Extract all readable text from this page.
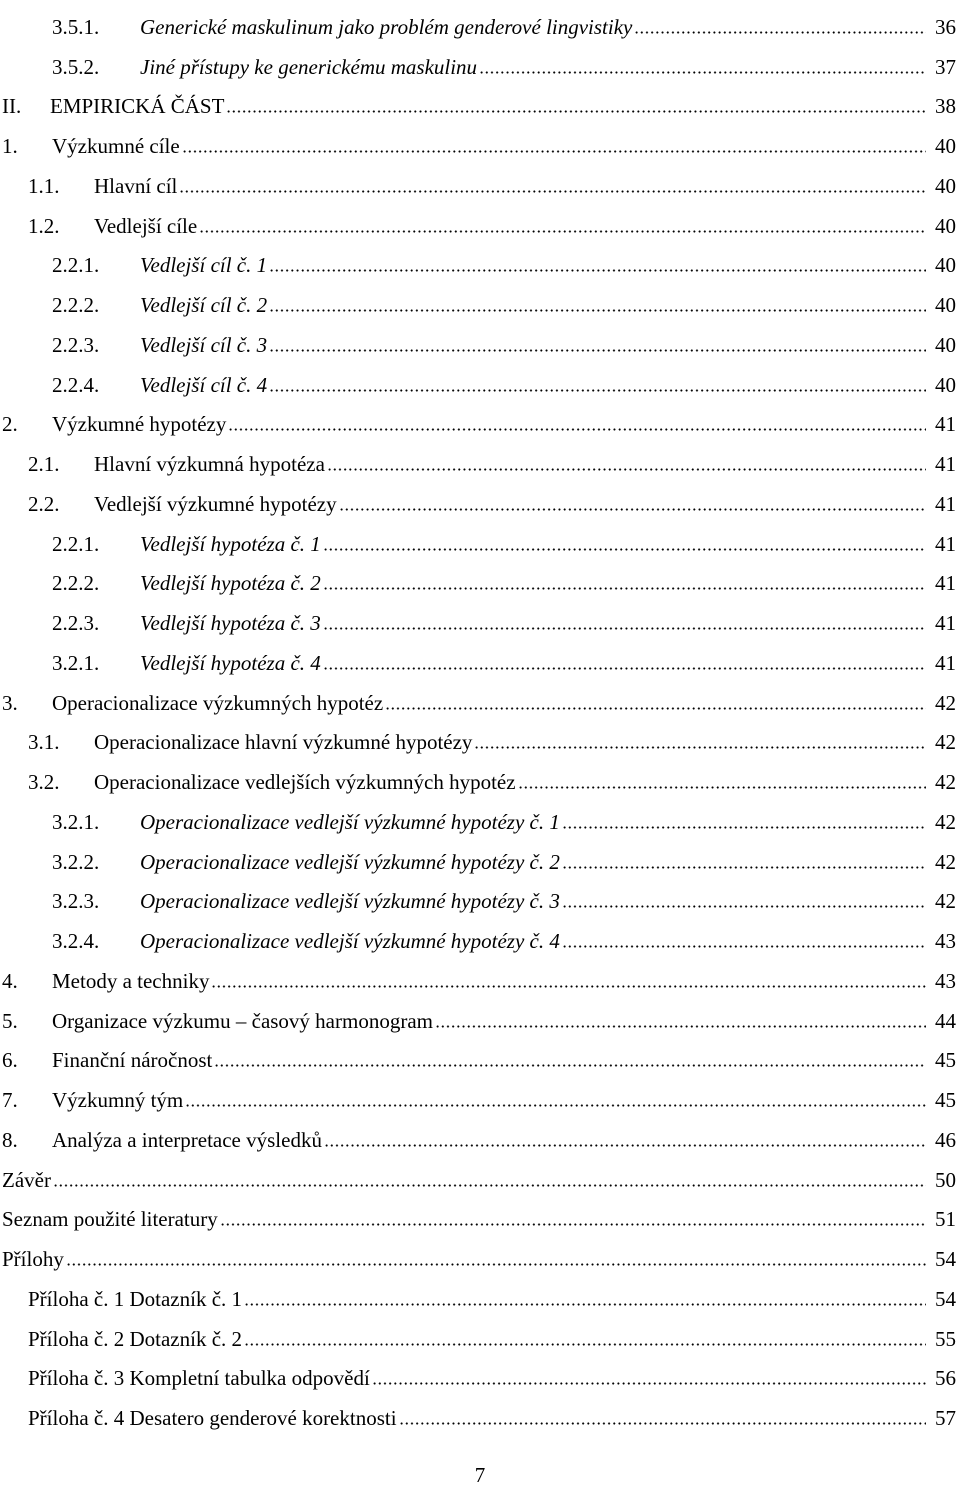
3.5.1.	Generické maskulinum jako problém genderové lingvistiky	36
3.5.2.	Jiné přístupy ke generickému maskulinu	37
II.	EMPIRICKÁ ČÁST	38
1.	Výzkumné cíle	40
1.1.	Hlavní cíl	40
1.2.	Vedlejší cíle	40
2.2.1.	Vedlejší cíl č. 1	40
2.2.2.	Vedlejší cíl č. 2	40
2.2.3.	Vedlejší cíl č. 3	40
2.2.4.	Vedlejší cíl č. 4	40
2.	Výzkumné hypotézy	41
2.1.	Hlavní výzkumná hypotéza	41
2.2.	Vedlejší výzkumné hypotézy	41
2.2.1.	Vedlejší hypotéza č. 1	41
2.2.2.	Vedlejší hypotéza č. 2	41
2.2.3.	Vedlejší hypotéza č. 3	41
3.2.1.	Vedlejší hypotéza č. 4	41
3.	Operacionalizace výzkumných hypotéz	42
3.1.	Operacionalizace hlavní výzkumné hypotézy	42
3.2.	Operacionalizace vedlejších výzkumných hypotéz	42
3.2.1.	Operacionalizace vedlejší výzkumné hypotézy č. 1	42
3.2.2.	Operacionalizace vedlejší výzkumné hypotézy č. 2	42
3.2.3.	Operacionalizace vedlejší výzkumné hypotézy č. 3	42
3.2.4.	Operacionalizace vedlejší výzkumné hypotézy č. 4	43
4.	Metody a techniky	43
5.	Organizace výzkumu – časový harmonogram	44
6.	Finanční náročnost	45
7.	Výzkumný tým	45
8.	Analýza a interpretace výsledků	46
Závěr	50
Seznam použité literatury	51
Přílohy	54
Příloha č. 1 Dotazník č. 1	54
Příloha č. 2 Dotazník č. 2	55
Příloha č. 3 Kompletní tabulka odpovědí	56
Příloha č. 4 Desatero genderové korektnosti	57
7
